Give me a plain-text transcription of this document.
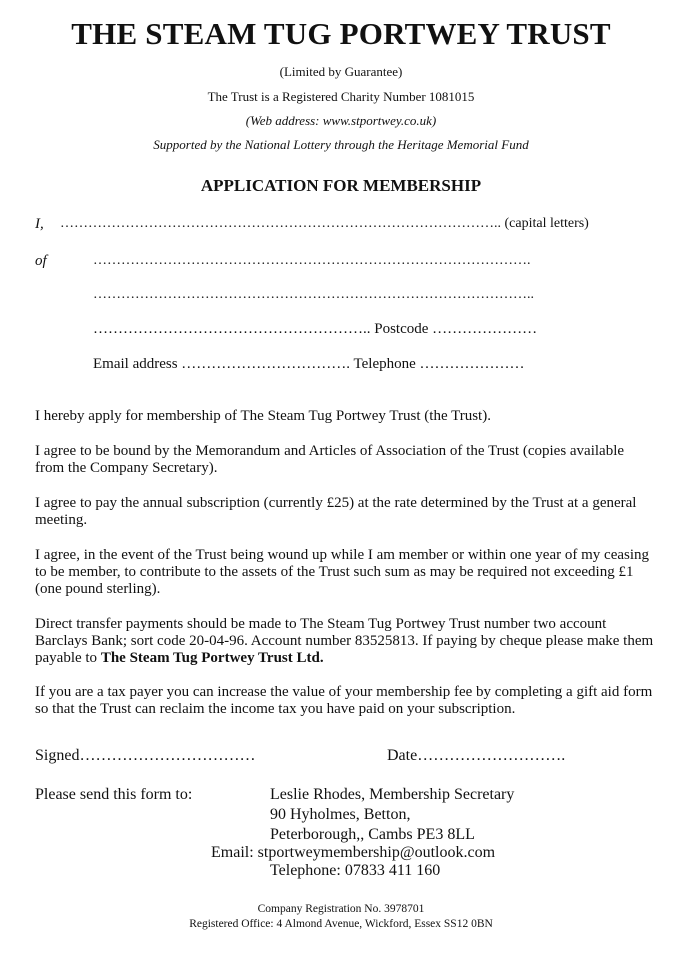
THE STEAM TUG PORTWEY TRUST
(Limited by Guarantee)
The Trust is a Registered Charity Number 1081015
(Web address: www.stportwey.co.uk)
Supported by the National Lottery through the Heritage Memorial Fund
APPLICATION FOR MEMBERSHIP
I, ………………………………………………………………………………….. (capital letters)
of	………………………………………………………………………………….
…………………………………………………………………………………..
……………………………………………….. Postcode …………………
Email address ……………………………. Telephone …………………
I hereby apply for membership of The Steam Tug Portwey Trust (the Trust).
I agree to be bound by the Memorandum and Articles of Association of the Trust (copies available from the Company Secretary).
I agree to pay the annual subscription (currently £25) at the rate determined by the Trust at a general meeting.
I agree, in the event of the Trust being wound up while I am member or within one year of my ceasing to be member, to contribute to the assets of the Trust such sum as may be required not exceeding £1 (one pound sterling).
Direct transfer payments should be made to The Steam Tug Portwey Trust number two account Barclays Bank; sort code 20-04-96. Account number 83525813. If paying by cheque please make them payable to The Steam Tug Portwey Trust Ltd.
If you are a tax payer you can increase the value of your membership fee by completing a gift aid form so that the Trust can reclaim the income tax you have paid on your subscription.
Signed……………………………	Date……………………….
Please send this form to:	Leslie Rhodes, Membership Secretary
90 Hyholmes, Betton,
Peterborough,, Cambs PE3 8LL
Email: stportweymembership@outlook.com
Telephone: 07833 411 160
Company Registration No. 3978701
Registered Office: 4 Almond Avenue, Wickford, Essex SS12 0BN
